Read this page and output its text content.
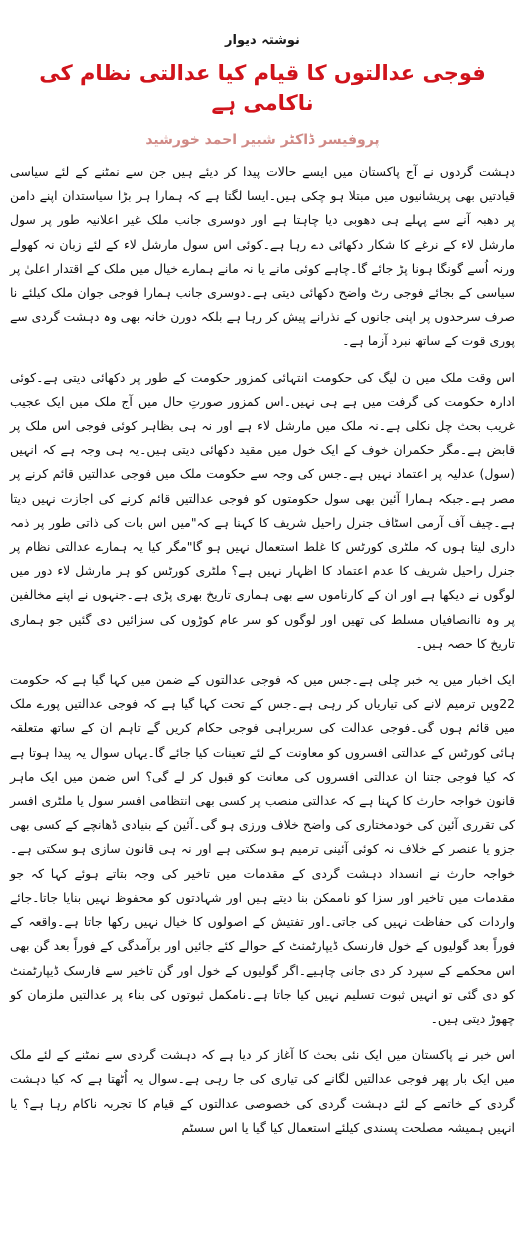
نوشتہ دیوار
فوجی عدالتوں کا قیام کیا عدالتی نظام کی ناکامی ہے
پروفیسر ڈاکٹر شبیر احمد خورشید

دہشت گردوں نے آج پاکستان میں ایسے حالات پیدا کر دیئے ہیں جن سے نمٹنے کے لئے سیاسی قیادتیں بھی پریشانیوں میں مبتلا ہو چکی ہیں۔ایسا لگتا ہے کہ ہمارا ہر بڑا سیاستدان اپنے دامن پر دھبہ آنے سے پہلے ہی دھوبی دیا چاہتا ہے اور دوسری جانب ملک غیر اعلانیہ طور پر سول مارشل لاء کے نرغے کا شکار دکھائی دے رہا ہے۔کوئی اس سول مارشل لاء کے لئے زبان نہ کھولے ورنہ اُسے گونگا ہونا پڑ جائے گا۔چاہے کوئی مانے یا نہ مانے ہمارے خیال میں ملک کے اقتدار اعلیٰ پر سیاسی کے بجائے فوجی رٹ واضح دکھائی دیتی ہے۔دوسری جانب ہمارا فوجی جوان ملک کیلئے نا صرف سرحدوں پر اپنی جانوں کے نذرانے پیش کر رہا ہے بلکہ دورن خانہ بھی وہ دہشت گردی سے پوری قوت کے ساتھ نبرد آزما ہے۔

اس وقت ملک میں ن لیگ کی حکومت انتہائی کمزور حکومت کے طور پر دکھائی دیتی ہے۔کوئی ادارہ حکومت کی گرفت میں ہے ہی نہیں۔اس کمزور صورتِ حال میں آج ملک میں ایک عجیب غریب بحث چل نکلی ہے۔نہ ملک میں مارشل لاء ہے اور نہ ہی بظاہر کوئی فوجی اس ملک پر قابض ہے۔مگر حکمران خوف کے ایک خول میں مقید دکھائی دیتی ہیں۔یہ ہی وجہ ہے کہ انہیں (سول) عدلیہ پر اعتماد نہیں ہے۔جس کی وجہ سے حکومت ملک میں فوجی عدالتیں قائم کرنے پر مصر ہے۔جبکہ ہمارا آئین بھی سول حکومتوں کو فوجی عدالتیں قائم کرنے کی اجازت نہیں دیتا ہے۔چیف آف آرمی اسٹاف جنرل راحیل شریف کا کہنا ہے کہ"میں اس بات کی ذاتی طور پر ذمہ داری لیتا ہوں کہ ملٹری کورٹس کا غلط استعمال نہیں ہو گا"مگر کیا یہ ہمارے عدالتی نظام پر جنرل راحیل شریف کا عدم اعتماد کا اظہار نہیں ہے؟ ملٹری کورٹس کو ہر مارشل لاء دور میں لوگوں نے دیکھا ہے اور ان کے کارناموں سے بھی ہماری تاریخ بھری پڑی ہے۔جنہوں نے اپنے مخالفین پر وہ ناانصافیاں مسلط کی تھیں اور لوگوں کو سر عام کوڑوں کی سزائیں دی گئیں جو ہماری تاریخ کا حصہ ہیں۔

ایک اخبار میں یہ خبر چلی ہے۔جس میں کہ فوجی عدالتوں کے ضمن میں کہا گیا ہے کہ حکومت 22ویں ترمیم لانے کی تیاریاں کر رہی ہے۔جس کے تحت کہا گیا ہے کہ فوجی عدالتیں پورے ملک میں قائم ہوں گی۔فوجی عدالت کی سربراہی فوجی حکام کریں گے تاہم ان کے ساتھ متعلقہ ہائی کورٹس کے عدالتی افسروں کو معاونت کے لئے تعینات کیا جائے گا۔یہاں سوال یہ پیدا ہوتا ہے کہ کیا فوجی جتنا ان عدالتی افسروں کی معانت کو قبول کر لے گی؟ اس ضمن میں ایک ماہر قانون خواجہ حارث کا کہنا ہے کہ عدالتی منصب پر کسی بھی انتظامی افسر سول یا ملٹری افسر کی تقرری آئین کی خودمختاری کی واضح خلاف ورزی ہو گی۔آئین کے بنیادی ڈھانچے کے کسی بھی جزو یا عنصر کے خلاف نہ کوئی آئینی ترمیم ہو سکتی ہے اور نہ ہی قانون سازی ہو سکتی ہے۔خواجہ حارث نے انسداد دہشت گردی کے مقدمات میں تاخیر کی وجہ بتاتے ہوئے کہا کہ جو مقدمات میں تاخیر اور سزا کو ناممکن بنا دیتے ہیں اور شہادتوں کو محفوظ نہیں بنایا جاتا۔جائے واردات کی حفاظت نہیں کی جاتی۔اور تفتیش کے اصولوں کا خیال نہیں رکھا جاتا ہے۔واقعہ کے فوراً بعد گولیوں کے خول فارنسک ڈیپارٹمنٹ کے حوالے کئے جائیں اور برآمدگی کے فوراً بعد گن بھی اس محکمے کے سپرد کر دی جانی چاہیے۔اگر گولیوں کے خول اور گن تاخیر سے فارسک ڈیپارٹمنٹ کو دی گئی تو انہیں ثبوت تسلیم نہیں کیا جاتا ہے۔نامکمل ثبوتوں کی بناء پر عدالتیں ملزمان کو چھوڑ دیتی ہیں۔

اس خبر نے پاکستان میں ایک نئی بحث کا آغاز کر دیا ہے کہ دہشت گردی سے نمٹنے کے لئے ملک میں ایک بار پھر فوجی عدالتیں لگانے کی تیاری کی جا رہی ہے۔سوال یہ اُٹھتا ہے کہ کیا دہشت گردی کے خاتمے کے لئے دہشت گردی کی خصوصی عدالتوں کے قیام کا تجربہ ناکام رہا ہے؟ یا انہیں ہمیشہ مصلحت پسندی کیلئے استعمال کیا گیا یا اس سسٹم
